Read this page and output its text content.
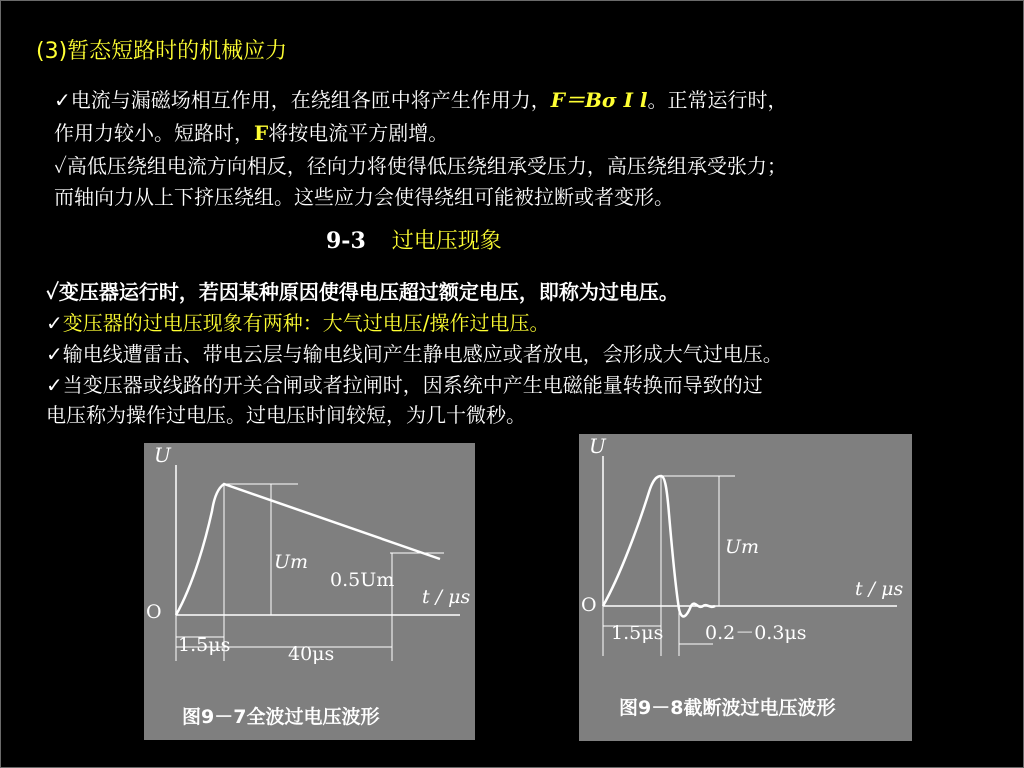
(3)暂态短路时的机械应力
✓电流与漏磁场相互作用，在绕组各匝中将产生作用力，F＝Bσ I l。正常运行时，
作用力较小。短路时，F将按电流平方剧增。
✓高低压绕组电流方向相反，径向力将使得低压绕组承受压力，高压绕组承受张力；
而轴向力从上下挤压绕组。这些应力会使得绕组可能被拉断或者变形。
9-3 过电压现象
✓变压器运行时，若因某种原因使得电压超过额定电压，即称为过电压。
✓变压器的过电压现象有两种：大气过电压/操作过电压。
✓输电线遭雷击、带电云层与输电线间产生静电感应或者放电，会形成大气过电压。
✓当变压器或线路的开关合闸或者拉闸时，因系统中产生电磁能量转换而导致的过
电压称为操作过电压。过电压时间较短，为几十微秒。
U
O
t / μs
Um
0.5Um
1.5μs	40μs
图9－7全波过电压波形
U
O
t / μs
Um
1.5μs 0.2－0.3μs
图9－8截断波过电压波形
